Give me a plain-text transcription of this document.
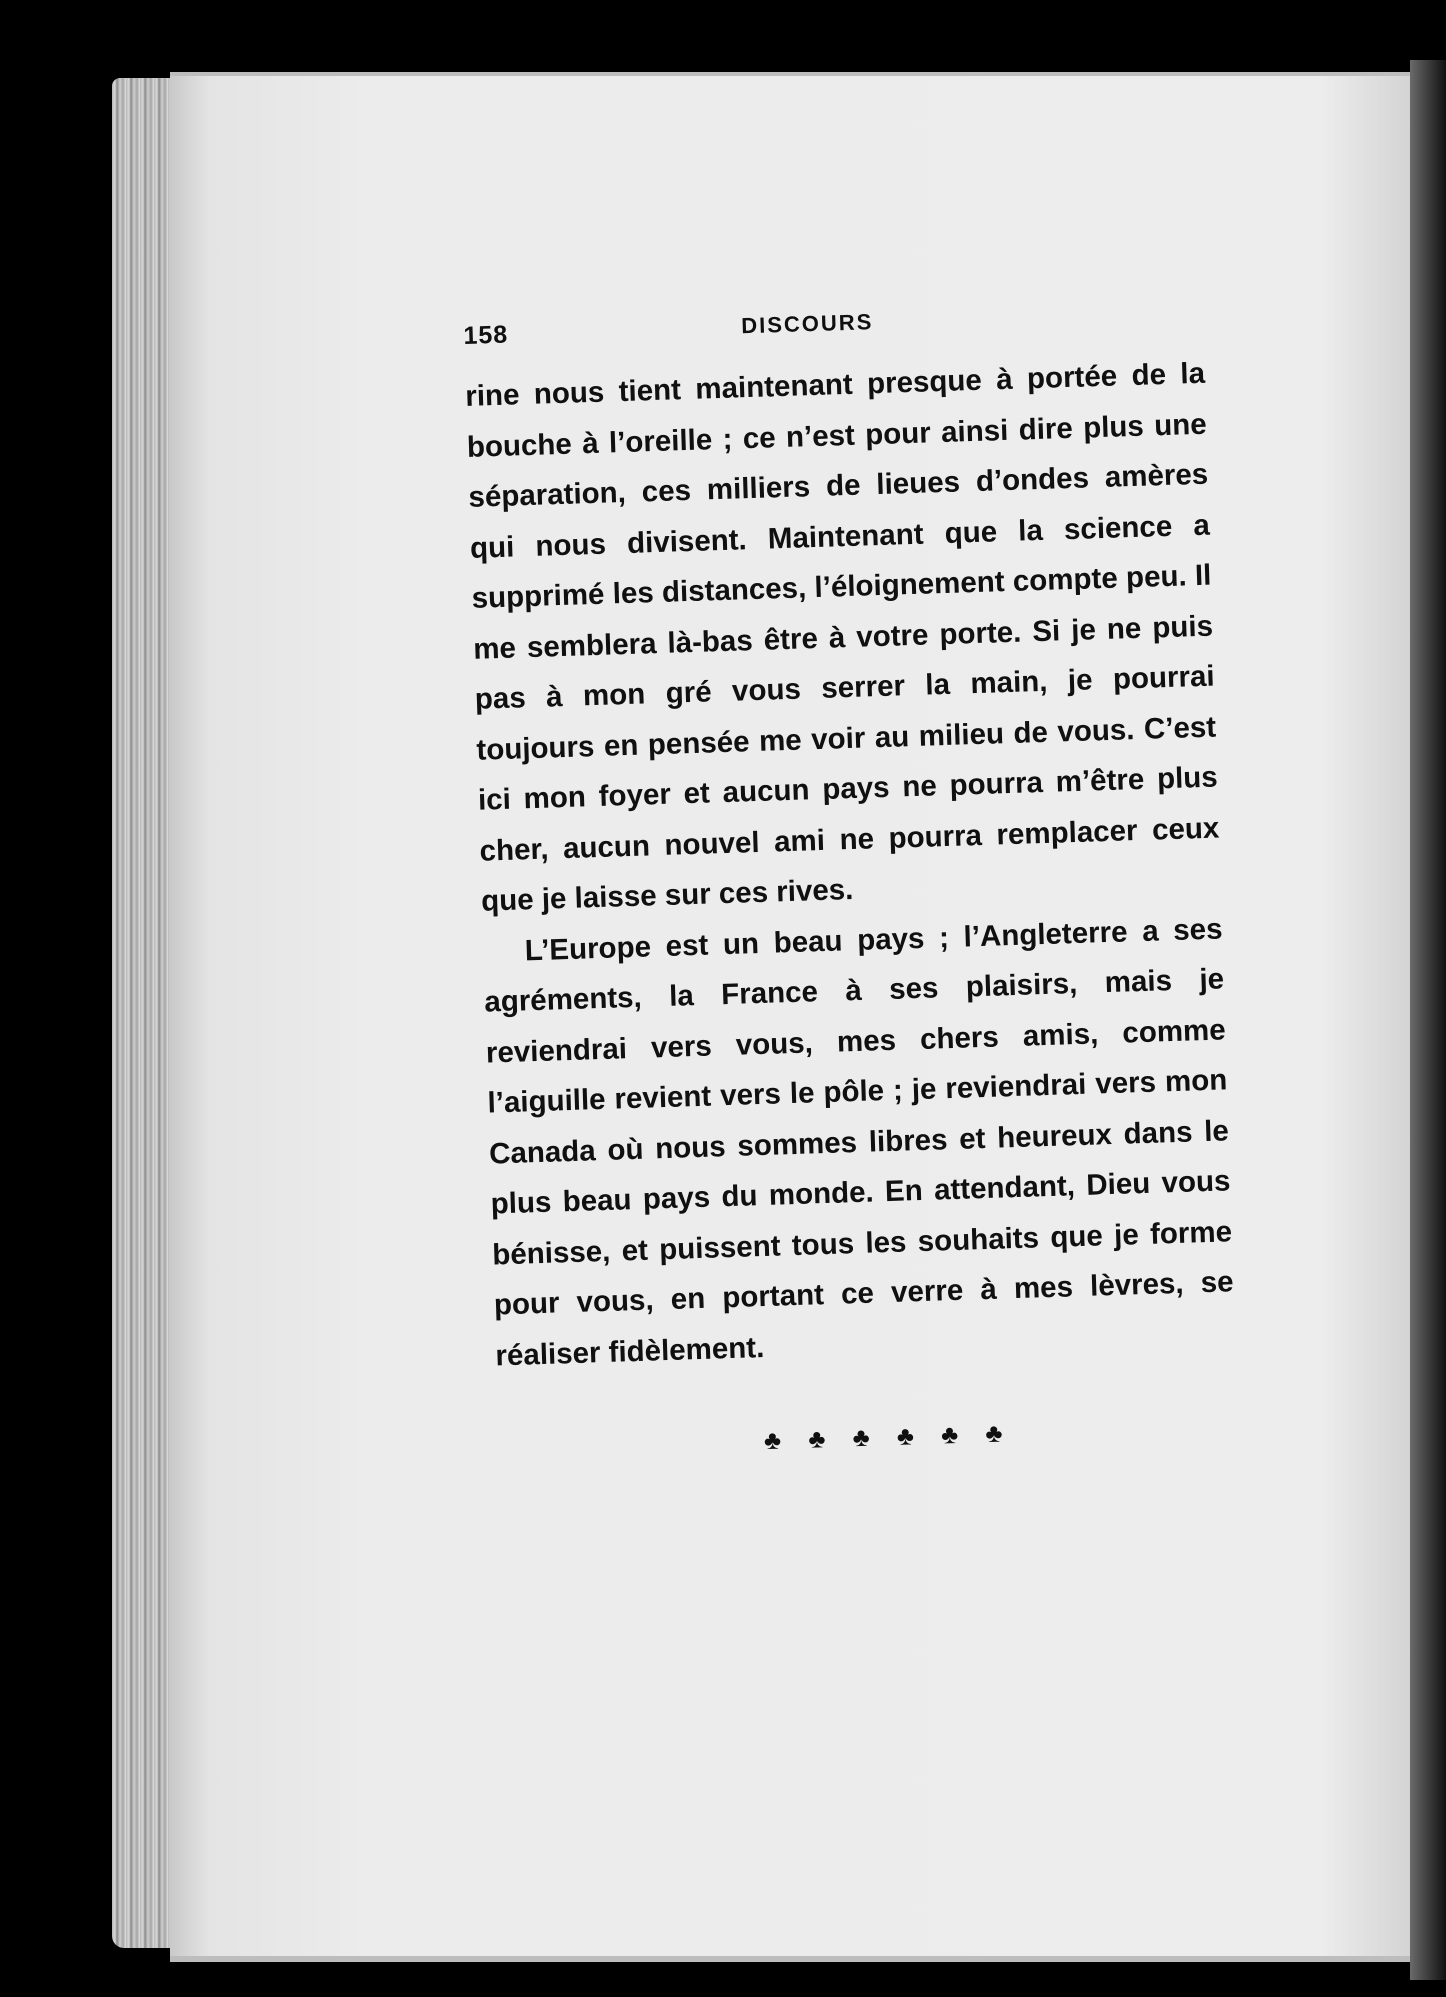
158	DISCOURS

rine nous tient maintenant presque à portée de la bouche à l’oreille ; ce n’est pour ainsi dire plus une séparation, ces milliers de lieues d’ondes amères qui nous divisent. Maintenant que la science a supprimé les distances, l’éloignement compte peu. Il me semblera là-bas être à votre porte. Si je ne puis pas à mon gré vous serrer la main, je pourrai toujours en pensée me voir au milieu de vous. C’est ici mon foyer et aucun pays ne pourra m’être plus cher, aucun nouvel ami ne pourra remplacer ceux que je laisse sur ces rives.

L’Europe est un beau pays ; l’Angleterre a ses agréments, la France à ses plaisirs, mais je reviendrai vers vous, mes chers amis, comme l’aiguille revient vers le pôle ; je reviendrai vers mon Canada où nous sommes libres et heureux dans le plus beau pays du monde. En attendant, Dieu vous bénisse, et puissent tous les souhaits que je forme pour vous, en portant ce verre à mes lèvres, se réaliser fidèlement.

♣ ♣ ♣ ♣ ♣ ♣
